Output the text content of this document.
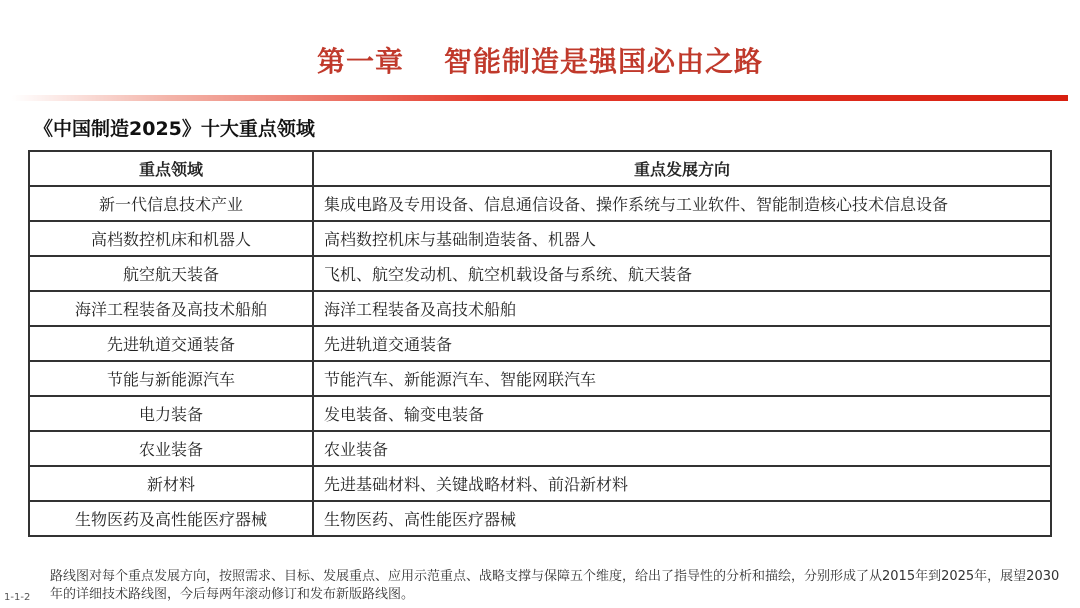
第一章 智能制造是强国必由之路
《中国制造2025》十大重点领域
重点领域	重点发展方向
新一代信息技术产业	集成电路及专用设备、信息通信设备、操作系统与工业软件、智能制造核心技术信息设备
高档数控机床和机器人	高档数控机床与基础制造装备、机器人
航空航天装备	飞机、航空发动机、航空机载设备与系统、航天装备
海洋工程装备及高技术船舶	海洋工程装备及高技术船舶
先进轨道交通装备	先进轨道交通装备
节能与新能源汽车	节能汽车、新能源汽车、智能网联汽车
电力装备	发电装备、输变电装备
农业装备	农业装备
新材料	先进基础材料、关键战略材料、前沿新材料
生物医药及高性能医疗器械	生物医药、高性能医疗器械
路线图对每个重点发展方向，按照需求、目标、发展重点、应用示范重点、战略支撑与保障五个维度，给出了指导性的分析和描绘，分别形成了从2015年到2025年，展望2030年的详细技术路线图，今后每两年滚动修订和发布新版路线图。
1-1-2
